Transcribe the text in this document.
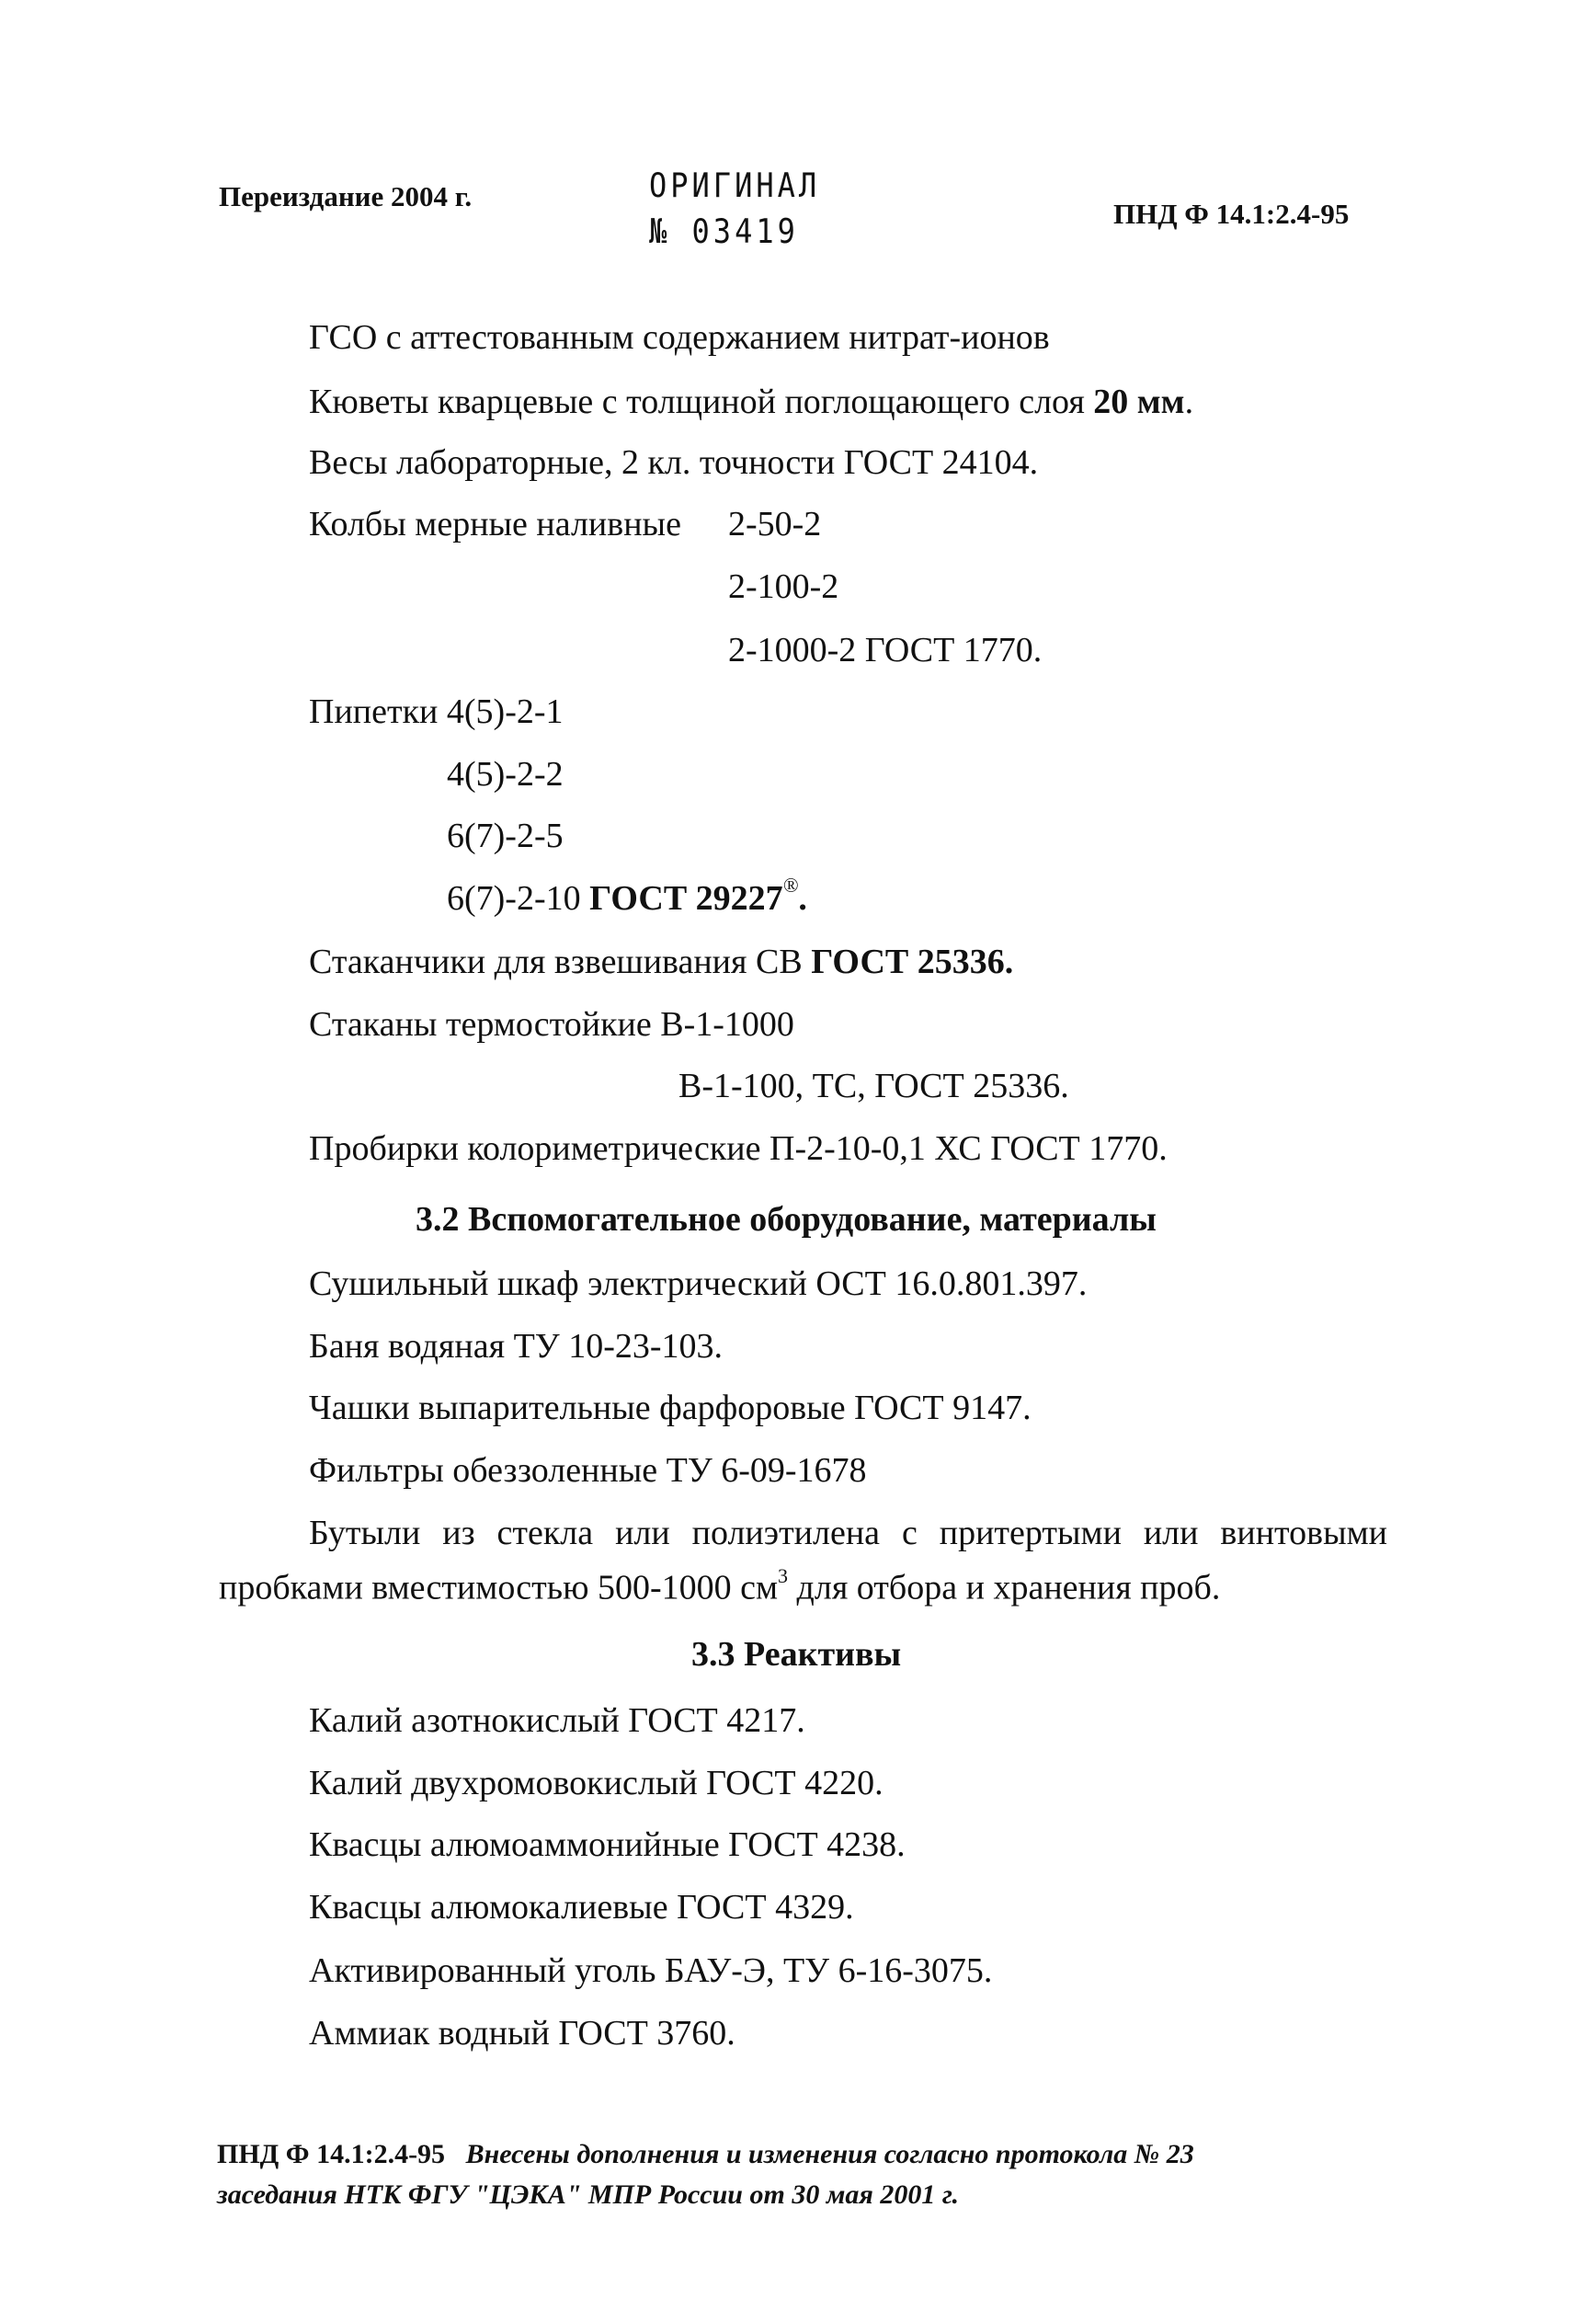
Переиздание 2004 г.	ОРИГИНАЛ
№ 03419	ПНД Ф 14.1:2.4-95
ГСО с аттестованным содержанием нитрат-ионов
Кюветы кварцевые с толщиной поглощающего слоя 20 мм.
Весы лабораторные, 2 кл. точности ГОСТ 24104.
Колбы мерные наливные 2-50-2
2-100-2
2-1000-2 ГОСТ 1770.
Пипетки 4(5)-2-1
4(5)-2-2
6(7)-2-5
6(7)-2-10 ГОСТ 29227®.
Стаканчики для взвешивания СВ ГОСТ 25336.
Стаканы термостойкие В-1-1000
В-1-100, ТС, ГОСТ 25336.
Пробирки колориметрические П-2-10-0,1 ХС ГОСТ 1770.
3.2 Вспомогательное оборудование, материалы
Сушильный шкаф электрический ОСТ 16.0.801.397.
Баня водяная ТУ 10-23-103.
Чашки выпарительные фарфоровые ГОСТ 9147.
Фильтры обеззоленные ТУ 6-09-1678
Бутыли из стекла или полиэтилена с притертыми или винтовыми
пробками вместимостью 500-1000 $см^3$ для отбора и хранения проб.
3.3 Реактивы
Калий азотнокислый ГОСТ 4217.
Калий двухромовокислый ГОСТ 4220.
Квасцы алюмоаммонийные ГОСТ 4238.
Квасцы алюмокалиевые ГОСТ 4329.
Активированный уголь БАУ-Э, ТУ 6-16-3075.
Аммиак водный ГОСТ 3760.
ПНД Ф 14.1:2.4-95 Внесены дополнения и изменения согласно протокола № 23
заседания НТК ФГУ "ЦЭКА" МПР России от 30 мая 2001 г.
